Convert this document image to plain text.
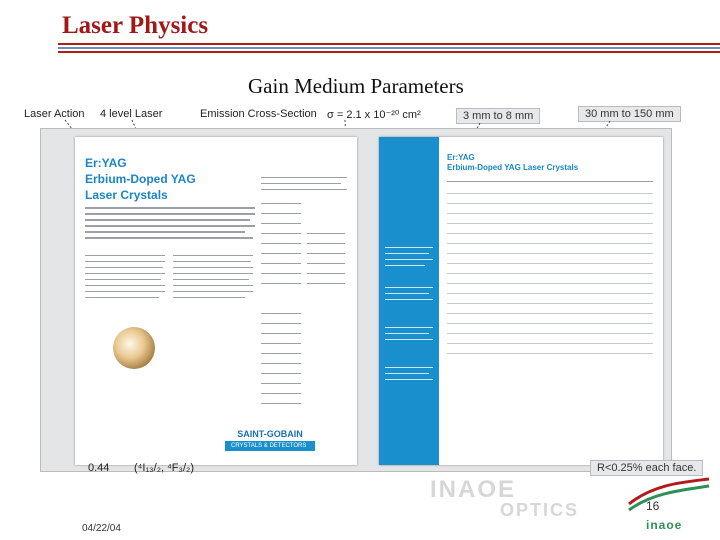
Laser Physics
Gain Medium Parameters
Laser Action 4 level Laser	Emission Cross-Section σ = 2.1 x 10⁻²⁰ cm²	3 mm to 8 mm	30 mm to 150 mm
Er:YAG
Erbium-Doped YAG
Laser Crystals
SAINT-GOBAIN
CRYSTALS & DETECTORS
Er:YAG
Erbium-Doped YAG Laser Crystals
0.44 (⁴I₁₃/₂, ⁴F₃/₂)	R<0.25% each face.
INAOE
OPTICS	16
inaoe
04/22/04
